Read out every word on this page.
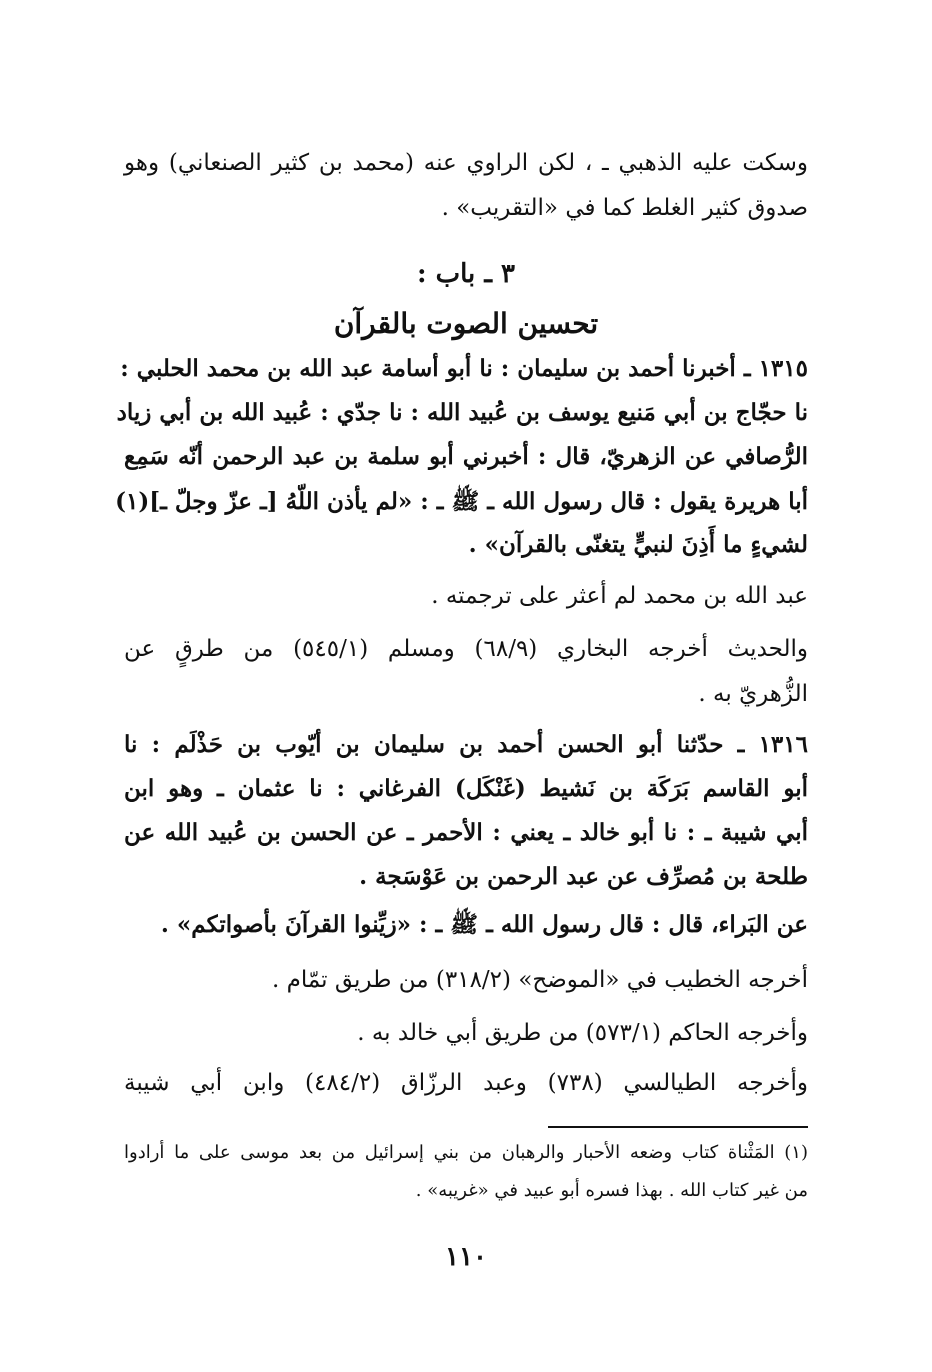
وسكت عليه الذهبي ـ ، لكن الراوي عنه (محمد بن كثير الصنعاني) وهو
صدوق كثير الغلط كما في «التقريب» .
٣ ـ باب :
تحسين الصوت بالقرآن
١٣١٥ ـ أخبرنا أحمد بن سليمان : نا أبو أسامة عبد الله بن محمد الحلبي :
نا حجّاج بن أبي مَنيع يوسف بن عُبيد الله : نا جدّي : عُبيد الله بن أبي زياد
الرُّصافي عن الزهريّ، قال : أخبرني أبو سلمة بن عبد الرحمن أنّه سَمِع
أبا هريرة يقول : قال رسول الله ـ ﷺ ـ : «لم يأذن اللّهُ [ـ عزّ وجلّ ـ](١)
لشيءٍ ما أَذِنَ لنبيٍّ يتغنّى بالقرآن» .
عبد الله بن محمد لم أعثر على ترجمته .
والحديث أخرجه البخاري (٦٨/٩) ومسلم (٥٤٥/١) من طرقٍ عن
الزُّهريّ به .
١٣١٦ ـ حدّثنا أبو الحسن أحمد بن سليمان بن أيّوب بن حَذْلَم : نا
أبو القاسم بَرَكَة بن نَشيط (غَنْكَل) الفرغاني : نا عثمان ـ وهو ابن
أبي شيبة ـ : نا أبو خالد ـ يعني : الأحمر ـ عن الحسن بن عُبيد الله عن
طلحة بن مُصرِّف عن عبد الرحمن بن عَوْسَجة .
عن البَراء، قال : قال رسول الله ـ ﷺ ـ : «زيِّنوا القرآنَ بأصواتكم» .
أخرجه الخطيب في «الموضح» (٣١٨/٢) من طريق تمّام .
وأخرجه الحاكم (٥٧٣/١) من طريق أبي خالد به .
وأخرجه الطيالسي (٧٣٨) وعبد الرزّاق (٤٨٤/٢) وابن أبي شيبة
(١) المَثْناة كتاب وضعه الأحبار والرهبان من بني إسرائيل من بعد موسى على ما أرادوا
من غير كتاب الله . بهذا فسره أبو عبيد في «غريبه» .
١١٠
